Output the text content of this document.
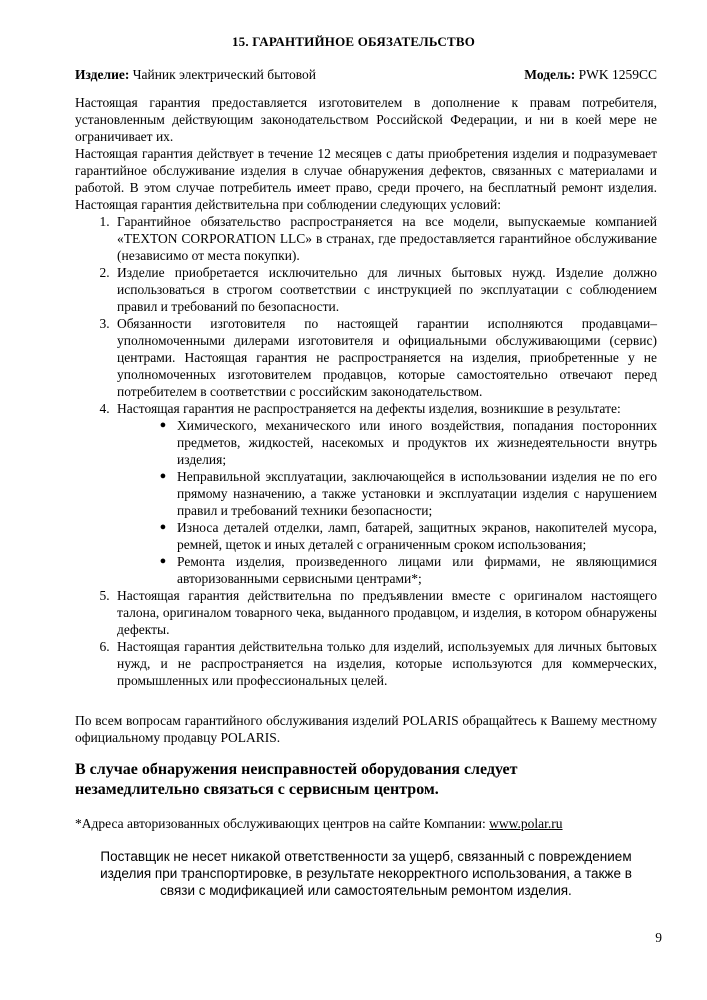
15. ГАРАНТИЙНОЕ ОБЯЗАТЕЛЬСТВО
Изделие: Чайник электрический бытовой	Модель: PWK 1259CC

Настоящая гарантия предоставляется изготовителем в дополнение к правам потребителя, установленным действующим законодательством Российской Федерации, и ни в коей мере не ограничивает их.

Настоящая гарантия действует в течение 12 месяцев с даты приобретения изделия и подразумевает гарантийное обслуживание изделия в случае обнаружения дефектов, связанных с материалами и работой. В этом случае потребитель имеет право, среди прочего, на бесплатный ремонт изделия. Настоящая гарантия действительна при соблюдении следующих условий:

1. Гарантийное обязательство распространяется на все модели, выпускаемые компанией «TEXTON CORPORATION LLC» в странах, где предоставляется гарантийное обслуживание (независимо от места покупки).
2. Изделие приобретается исключительно для личных бытовых нужд. Изделие должно использоваться в строгом соответствии с инструкцией по эксплуатации с соблюдением правил и требований по безопасности.
3. Обязанности изготовителя по настоящей гарантии исполняются продавцами–уполномоченными дилерами изготовителя и официальными обслуживающими (сервис) центрами. Настоящая гарантия не распространяется на изделия, приобретенные у не уполномоченных изготовителем продавцов, которые самостоятельно отвечают перед потребителем в соответствии с российским законодательством.
4. Настоящая гарантия не распространяется на дефекты изделия, возникшие в результате:
● Химического, механического или иного воздействия, попадания посторонних предметов, жидкостей, насекомых и продуктов их жизнедеятельности внутрь изделия;
● Неправильной эксплуатации, заключающейся в использовании изделия не по его прямому назначению, а также установки и эксплуатации изделия с нарушением правил и требований техники безопасности;
● Износа деталей отделки, ламп, батарей, защитных экранов, накопителей мусора, ремней, щеток и иных деталей с ограниченным сроком использования;
● Ремонта изделия, произведенного лицами или фирмами, не являющимися авторизованными сервисными центрами*;
5. Настоящая гарантия действительна по предъявлении вместе с оригиналом настоящего талона, оригиналом товарного чека, выданного продавцом, и изделия, в котором обнаружены дефекты.
6. Настоящая гарантия действительна только для изделий, используемых для личных бытовых нужд, и не распространяется на изделия, которые используются для коммерческих, промышленных или профессиональных целей.
По всем вопросам гарантийного обслуживания изделий POLARIS обращайтесь к Вашему местному официальному продавцу POLARIS.
В случае обнаружения неисправностей оборудования следует
незамедлительно связаться с сервисным центром.
*Адреса авторизованных обслуживающих центров на сайте Компании: www.polar.ru
Поставщик не несет никакой ответственности за ущерб, связанный с повреждением
изделия при транспортировке, в результате некорректного использования, а также в
связи с модификацией или самостоятельным ремонтом изделия.
9
